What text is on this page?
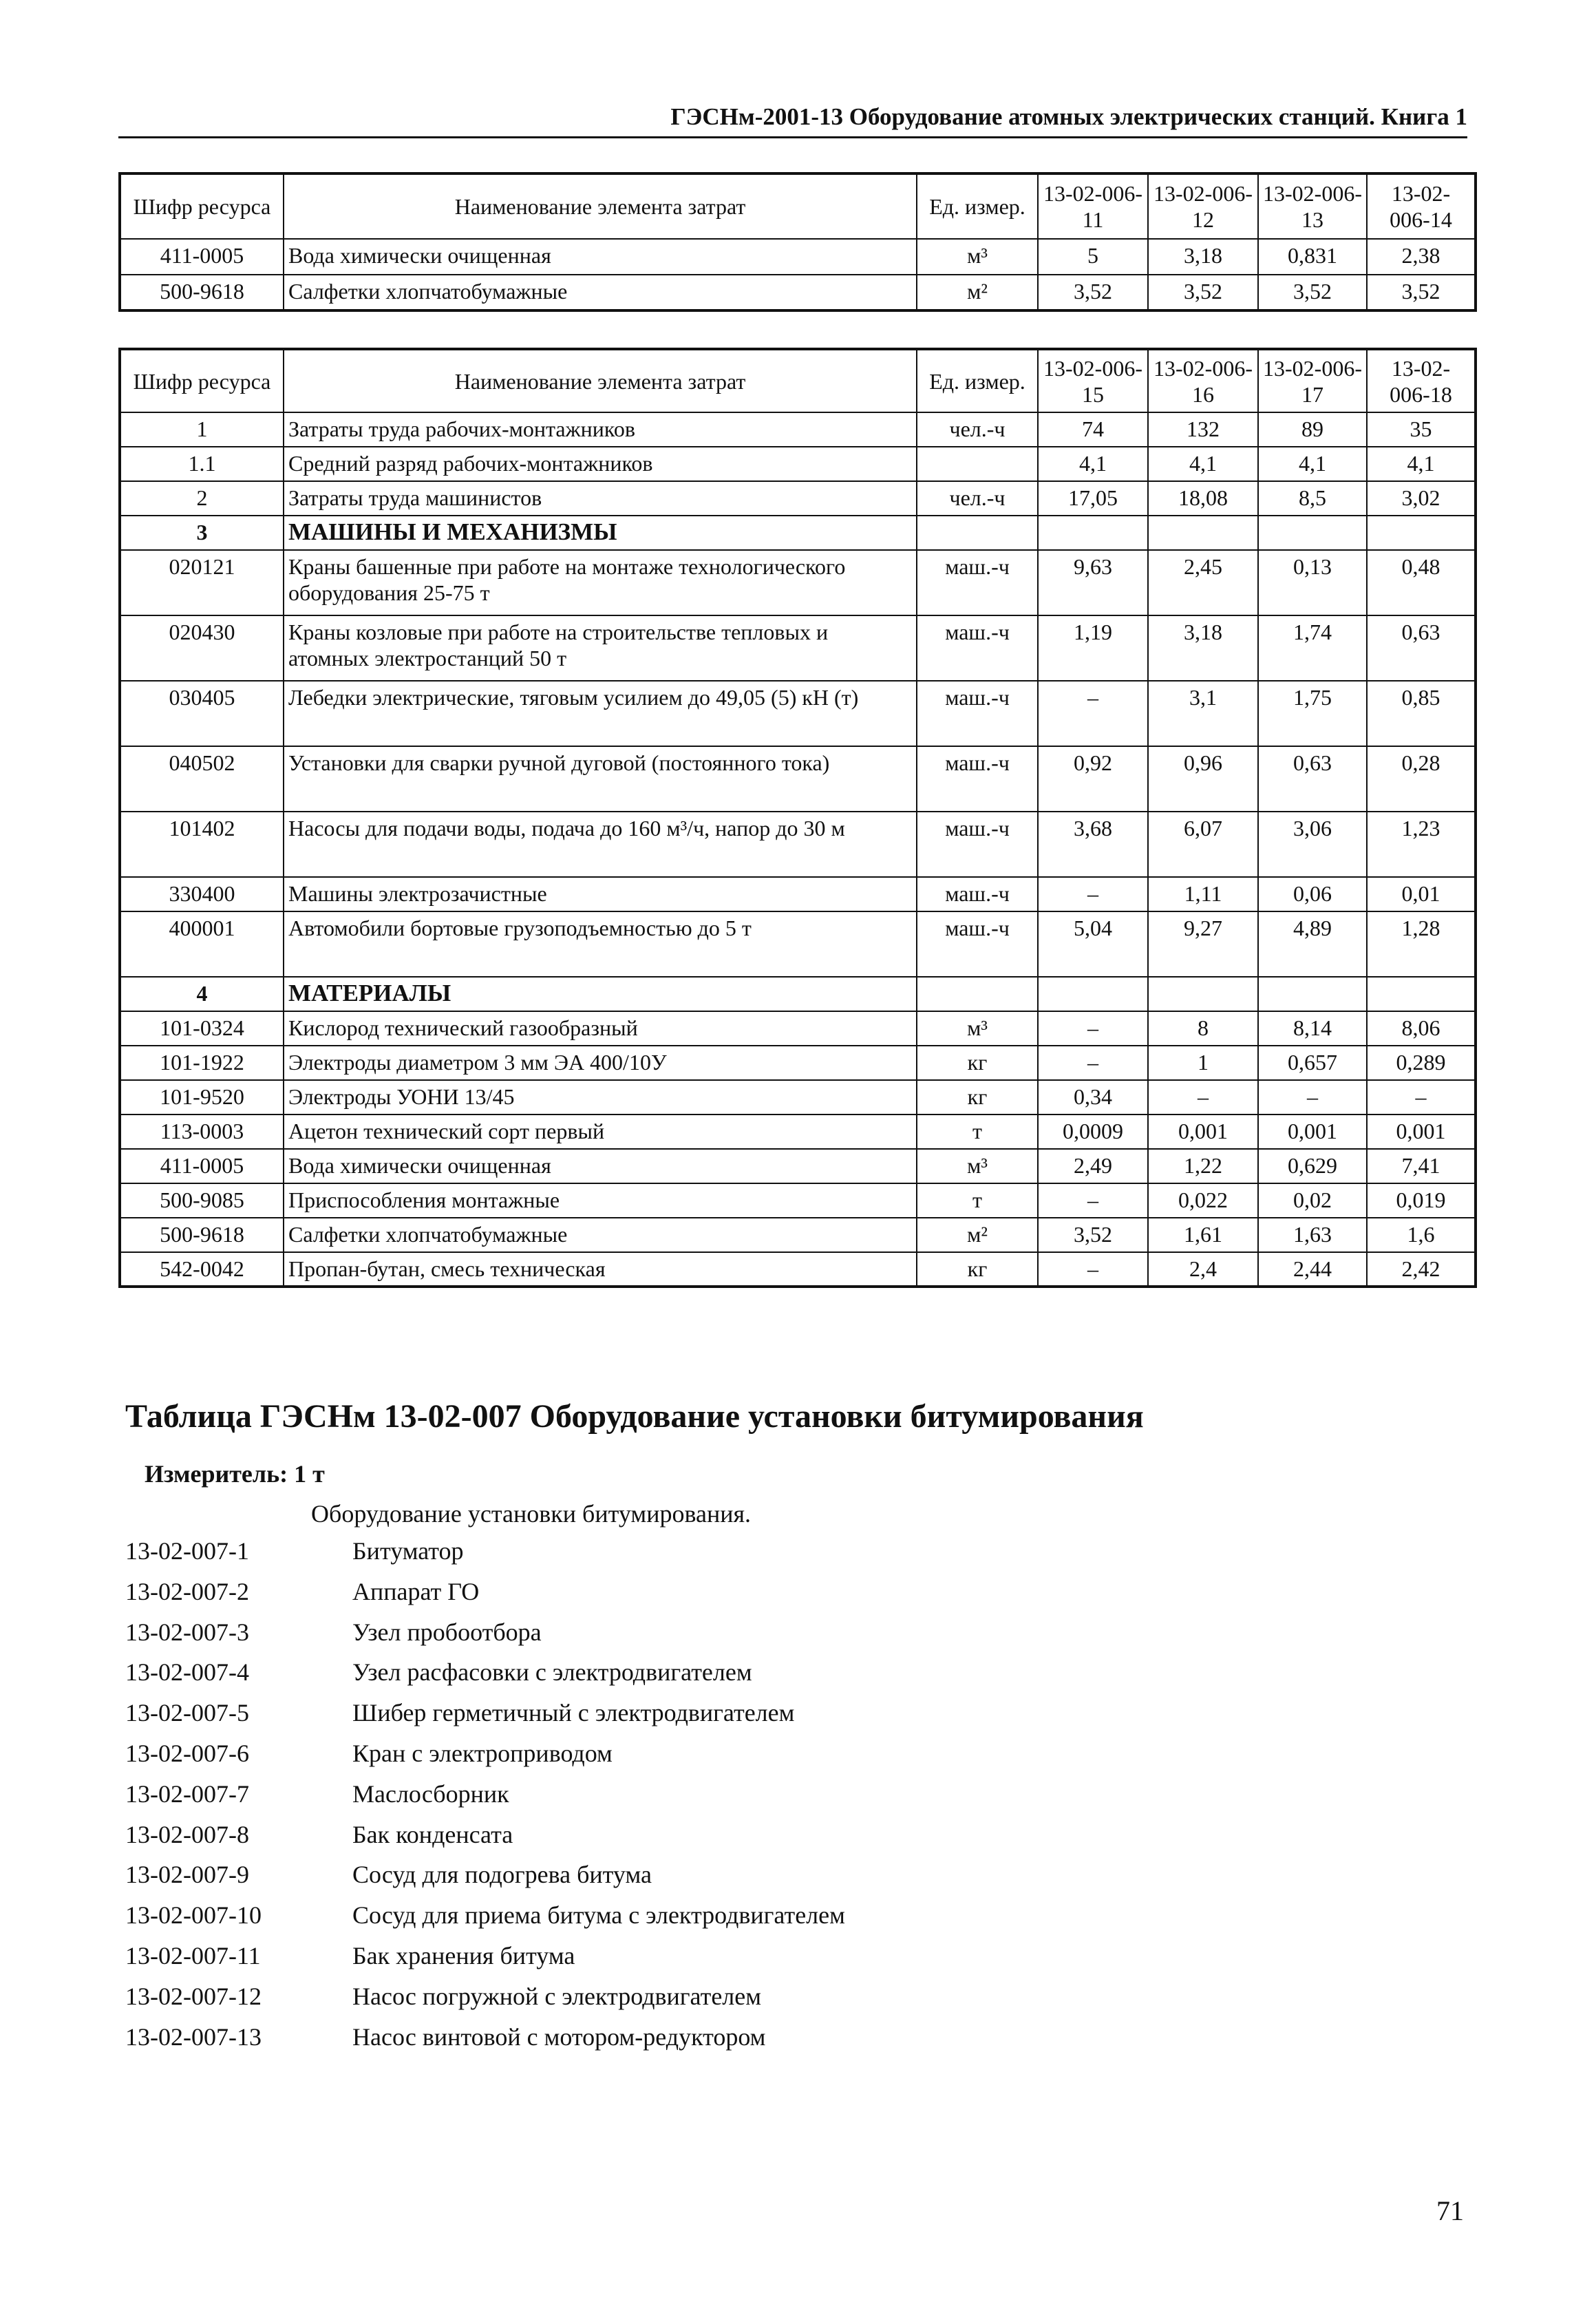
ГЭСНм-2001-13 Оборудование атомных электрических станций. Книга 1
Шифр ресурса	Наименование элемента затрат	Ед. измер.	13-02-006-11	13-02-006-12	13-02-006-13	13-02-006-14
411-0005	Вода химически очищенная	м³	5	3,18	0,831	2,38
500-9618	Салфетки хлопчатобумажные	м²	3,52	3,52	3,52	3,52
Шифр ресурса	Наименование элемента затрат	Ед. измер.	13-02-006-15	13-02-006-16	13-02-006-17	13-02-006-18
1	Затраты труда рабочих-монтажников	чел.-ч	74	132	89	35
1.1	Средний разряд рабочих-монтажников		4,1	4,1	4,1	4,1
2	Затраты труда машинистов	чел.-ч	17,05	18,08	8,5	3,02
3	МАШИНЫ И МЕХАНИЗМЫ					
020121	Краны башенные при работе на монтаже технологического оборудования 25-75 т	маш.-ч	9,63	2,45	0,13	0,48
020430	Краны козловые при работе на строительстве тепловых и атомных электростанций 50 т	маш.-ч	1,19	3,18	1,74	0,63
030405	Лебедки электрические, тяговым усилием до 49,05 (5) кН (т)	маш.-ч	–	3,1	1,75	0,85
040502	Установки для сварки ручной дуговой (постоянного тока)	маш.-ч	0,92	0,96	0,63	0,28
101402	Насосы для подачи воды, подача до 160 м³/ч, напор до 30 м	маш.-ч	3,68	6,07	3,06	1,23
330400	Машины электрозачистные	маш.-ч	–	1,11	0,06	0,01
400001	Автомобили бортовые грузоподъемностью до 5 т	маш.-ч	5,04	9,27	4,89	1,28
4	МАТЕРИАЛЫ					
101-0324	Кислород технический газообразный	м³	–	8	8,14	8,06
101-1922	Электроды диаметром 3 мм ЭА 400/10У	кг	–	1	0,657	0,289
101-9520	Электроды УОНИ 13/45	кг	0,34	–	–	–
113-0003	Ацетон технический сорт первый	т	0,0009	0,001	0,001	0,001
411-0005	Вода химически очищенная	м³	2,49	1,22	0,629	7,41
500-9085	Приспособления монтажные	т	–	0,022	0,02	0,019
500-9618	Салфетки хлопчатобумажные	м²	3,52	1,61	1,63	1,6
542-0042	Пропан-бутан, смесь техническая	кг	–	2,4	2,44	2,42
Таблица ГЭСНм 13-02-007 Оборудование установки битумирования
Измеритель: 1 т
Оборудование установки битумирования.
13-02-007-1	Битуматор
13-02-007-2	Аппарат ГО
13-02-007-3	Узел пробоотбора
13-02-007-4	Узел расфасовки с электродвигателем
13-02-007-5	Шибер герметичный с электродвигателем
13-02-007-6	Кран с электроприводом
13-02-007-7	Маслосборник
13-02-007-8	Бак конденсата
13-02-007-9	Сосуд для подогрева битума
13-02-007-10	Сосуд для приема битума с электродвигателем
13-02-007-11	Бак хранения битума
13-02-007-12	Насос погружной с электродвигателем
13-02-007-13	Насос винтовой с мотором-редуктором
71
